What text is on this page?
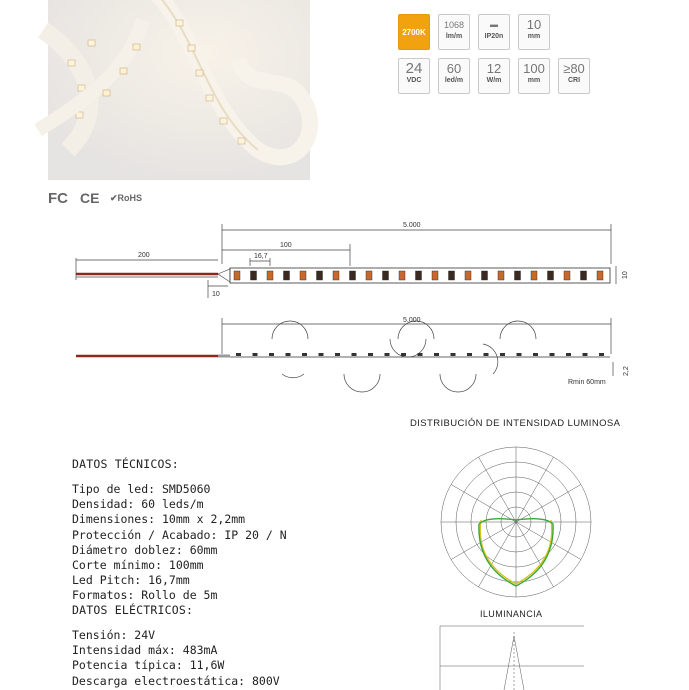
2700K
1068
lm/m
▬
IP20n
10
mm
24
VDC
60
led/m
12
W/m
100
mm
≥80
CRI
FC CE ✔RoHS
5.000
100
16,7
200
10
10
5.000
Rmin 60mm
2,2
DATOS TÉCNICOS:
Tipo de led: SMD5060
Densidad: 60 leds/m
Dimensiones: 10mm x 2,2mm
Protección / Acabado: IP 20 / N
Diámetro doblez: 60mm
Corte mínimo: 100mm
Led Pitch: 16,7mm
Formatos: Rollo de 5m
DATOS ELÉCTRICOS:
Tensión: 24V
Intensidad máx: 483mA
Potencia típica: 11,6W
Descarga electroestática: 800V
DISTRIBUCIÓN DE INTENSIDAD LUMINOSA
ILUMINANCIA
